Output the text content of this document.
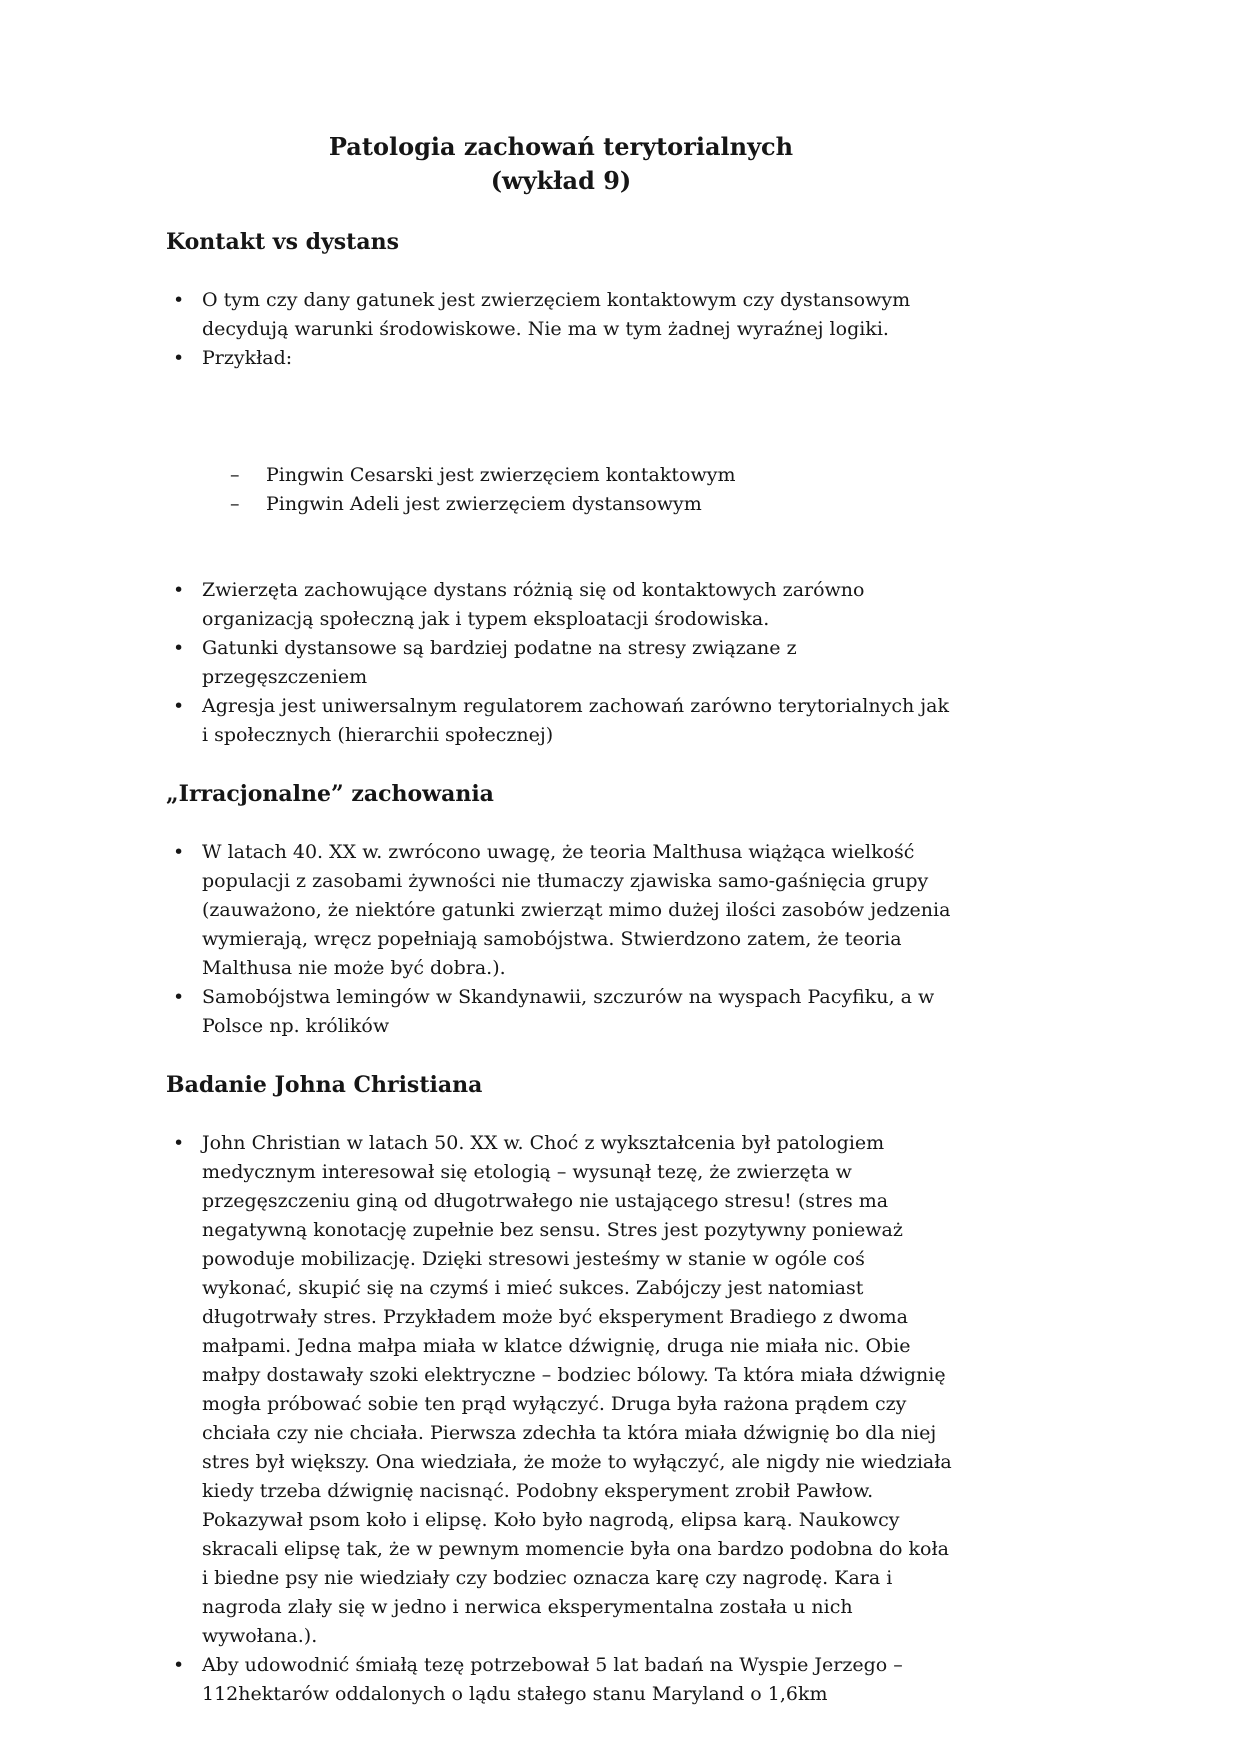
Patologia zachowań terytorialnych
(wykład 9)
Kontakt vs dystans
• O tym czy dany gatunek jest zwierzęciem kontaktowym czy dystansowym decydują warunki środowiskowe. Nie ma w tym żadnej wyraźnej logiki.
• Przykład:
– Pingwin Cesarski jest zwierzęciem kontaktowym
– Pingwin Adeli jest zwierzęciem dystansowym
• Zwierzęta zachowujące dystans różnią się od kontaktowych zarówno organizacją społeczną jak i typem eksploatacji środowiska.
• Gatunki dystansowe są bardziej podatne na stresy związane z przegęszczeniem
• Agresja jest uniwersalnym regulatorem zachowań zarówno terytorialnych jak i społecznych (hierarchii społecznej)
„Irracjonalne” zachowania
• W latach 40. XX w. zwrócono uwagę, że teoria Malthusa wiążąca wielkość populacji z zasobami żywności nie tłumaczy zjawiska samo-gaśnięcia grupy (zauważono, że niektóre gatunki zwierząt mimo dużej ilości zasobów jedzenia wymierają, wręcz popełniają samobójstwa. Stwierdzono zatem, że teoria Malthusa nie może być dobra.).
• Samobójstwa lemingów w Skandynawii, szczurów na wyspach Pacyfiku, a w Polsce np. królików
Badanie Johna Christiana
• John Christian w latach 50. XX w. Choć z wykształcenia był patologiem medycznym interesował się etologią – wysunął tezę, że zwierzęta w przegęszczeniu giną od długotrwałego nie ustającego stresu! (stres ma negatywną konotację zupełnie bez sensu. Stres jest pozytywny ponieważ powoduje mobilizację. Dzięki stresowi jesteśmy w stanie w ogóle coś wykonać, skupić się na czymś i mieć sukces. Zabójczy jest natomiast długotrwały stres. Przykładem może być eksperyment Bradiego z dwoma małpami. Jedna małpa miała w klatce dźwignię, druga nie miała nic. Obie małpy dostawały szoki elektryczne – bodziec bólowy. Ta która miała dźwignię mogła próbować sobie ten prąd wyłączyć. Druga była rażona prądem czy chciała czy nie chciała. Pierwsza zdechła ta która miała dźwignię bo dla niej stres był większy. Ona wiedziała, że może to wyłączyć, ale nigdy nie wiedziała kiedy trzeba dźwignię nacisnąć. Podobny eksperyment zrobił Pawłow. Pokazywał psom koło i elipsę. Koło było nagrodą, elipsa karą. Naukowcy skracali elipsę tak, że w pewnym momencie była ona bardzo podobna do koła i biedne psy nie wiedziały czy bodziec oznacza karę czy nagrodę. Kara i nagroda zlały się w jedno i nerwica eksperymentalna została u nich wywołana.).
• Aby udowodnić śmiałą tezę potrzebował 5 lat badań na Wyspie Jerzego – 112hektarów oddalonych o lądu stałego stanu Maryland o 1,6km
